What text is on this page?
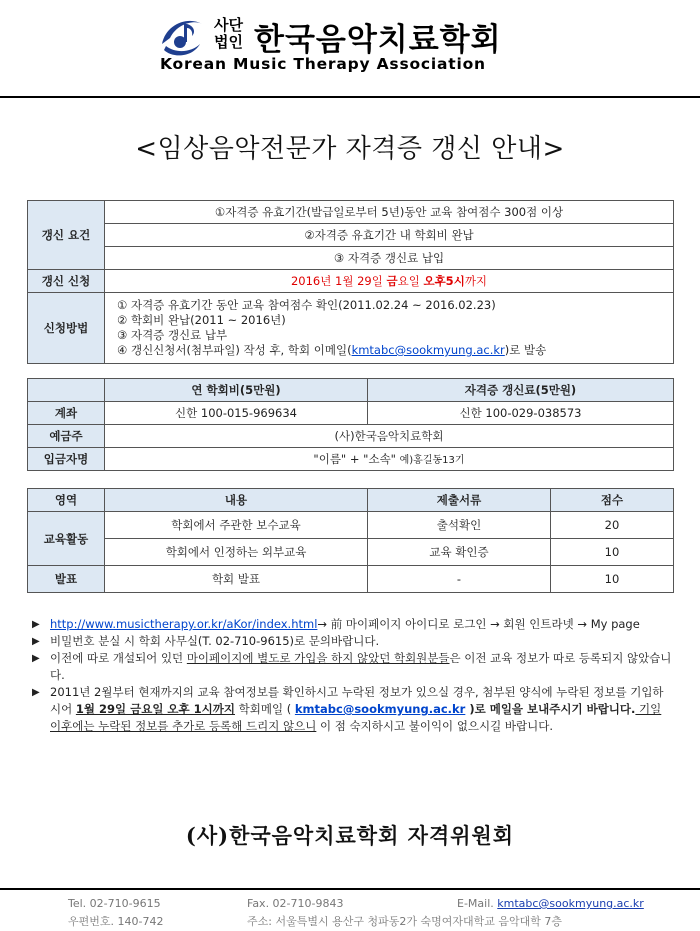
사단
법인 한국음악치료학회
Korean Music Therapy Association
<임상음악전문가 자격증 갱신 안내>
갱신 요건	①자격증 유효기간(발급일로부터 5년)동안 교육 참여점수 300점 이상
	②자격증 유효기간 내 학회비 완납
	③ 자격증 갱신료 납입
갱신 신청	2016년 1월 29일 금요일 오후5시까지
신청방법	① 자격증 유효기간 동안 교육 참여점수 확인(2011.02.24 ~ 2016.02.23)
② 학회비 완납(2011 ~ 2016년)
③ 자격증 갱신료 납부
④ 갱신신청서(첨부파일) 작성 후, 학회 이메일(kmtabc@sookmyung.ac.kr)로 발송
	연 학회비(5만원)	자격증 갱신료(5만원)
계좌	신한 100-015-969634	신한 100-029-038573
예금주	(사)한국음악치료학회	
입금자명	"이름" + "소속" 예)홍길동13기	
영역	내용	제출서류	점수
교육활동	학회에서 주관한 보수교육	출석확인	20
	학회에서 인정하는 외부교육	교육 확인증	10
발표	학회 발표	-	10
▶ http://www.musictherapy.or.kr/aKor/index.html→ 前 마이페이지 아이디로 로그인 → 회원 인트라넷 → My page
▶ 비밀번호 분실 시 학회 사무실(T. 02-710-9615)로 문의바랍니다.
▶ 이전에 따로 개설되어 있던 마이페이지에 별도로 가입을 하지 않았던 학회원분들은 이전 교육 정보가 따로 등록되지 않았습니다.
▶ 2011년 2월부터 현재까지의 교육 참여정보를 확인하시고 누락된 정보가 있으실 경우, 첨부된 양식에 누락된 정보를 기입하시어 1월 29일 금요일 오후 1시까지 학회메일 ( kmtabc@sookmyung.ac.kr )로 메일을 보내주시기 바랍니다. 기일 이후에는 누락된 정보를 추가로 등록해 드리지 않으니 이 점 숙지하시고 불이익이 없으시길 바랍니다.
(사)한국음악치료학회 자격위원회
Tel. 02-710-9615	Fax. 02-710-9843	E-Mail. kmtabc@sookmyung.ac.kr
우편번호. 140-742	주소: 서울특별시 용산구 청파동2가 숙명여자대학교 음악대학 7층
